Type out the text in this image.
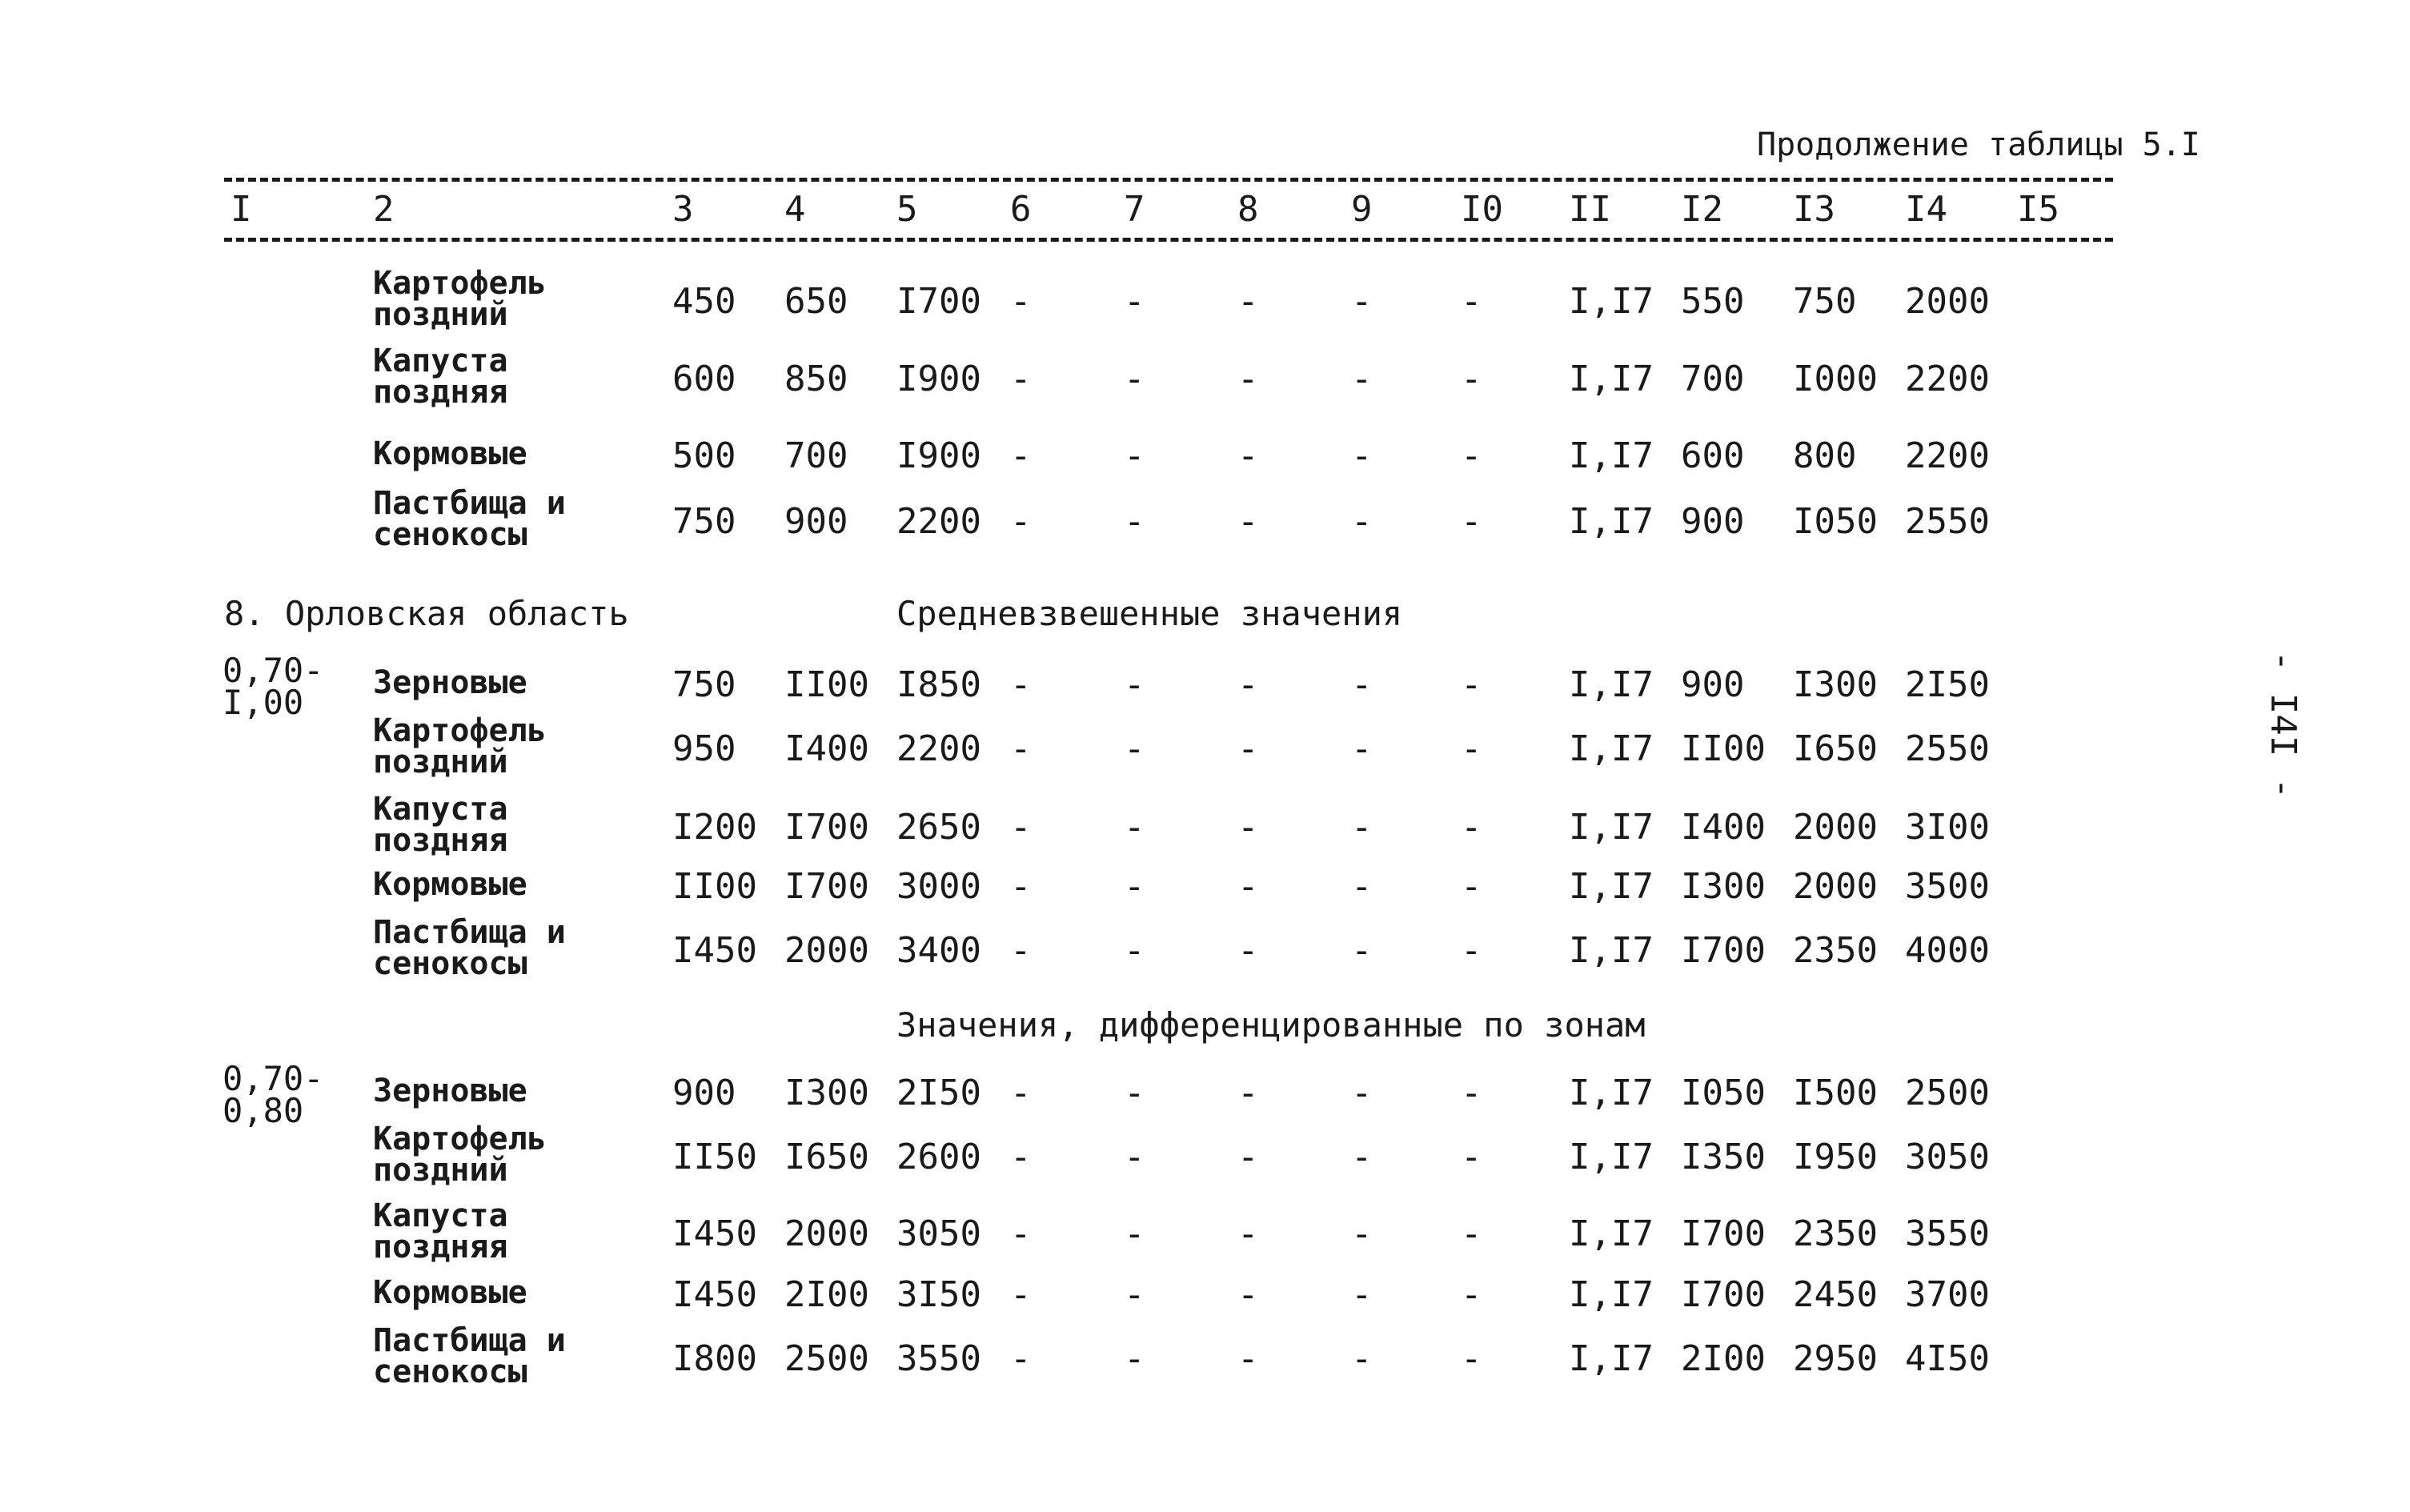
Продолжение таблицы 5.I
I	2	3	4	5	6	7	8	9	I0 II I2 I3 I4 I5
Картофель
поздний	450 650 I700 -	-	-	-	- I,I7 550 750 2000
Капуста
поздняя	600 850 I900 -	-	-	-	- I,I7 700 I000 2200
Кормовые	500 700 I900 -	-	-	-	- I,I7 600 800 2200
Пастбища и
сенокосы	750 900 2200 -	-	-	-	- I,I7 900 I050 2550
8. Орловская область	Средневзвешенные значения
0,70-
I,00	Зерновые	750 II00 I850 -	-	-	-	- I,I7 900 I300 2I50
Картофель
поздний	950 I400 2200 -	-	-	-	- I,I7 II00 I650 2550
Капуста
поздняя	I200 I700 2650 -	-	-	-	- I,I7 I400 2000 3I00
Кормовые	II00 I700 3000 -	-	-	-	- I,I7 I300 2000 3500
Пастбища и
сенокосы	I450 2000 3400 -	-	-	-	- I,I7 I700 2350 4000
Значения, дифференцированные по зонам
0,70-
0,80	Зерновые	900 I300 2I50 -	-	-	-	- I,I7 I050 I500 2500
Картофель
поздний	II50 I650 2600 -	-	-	-	- I,I7 I350 I950 3050
Капуста
поздняя	I450 2000 3050 -	-	-	-	- I,I7 I700 2350 3550
Кормовые	I450 2I00 3I50 -	-	-	-	- I,I7 I700 2450 3700
Пастбища и
сенокосы	I800 2500 3550 -	-	-	-	- I,I7 2I00 2950 4I50
- I4I -
